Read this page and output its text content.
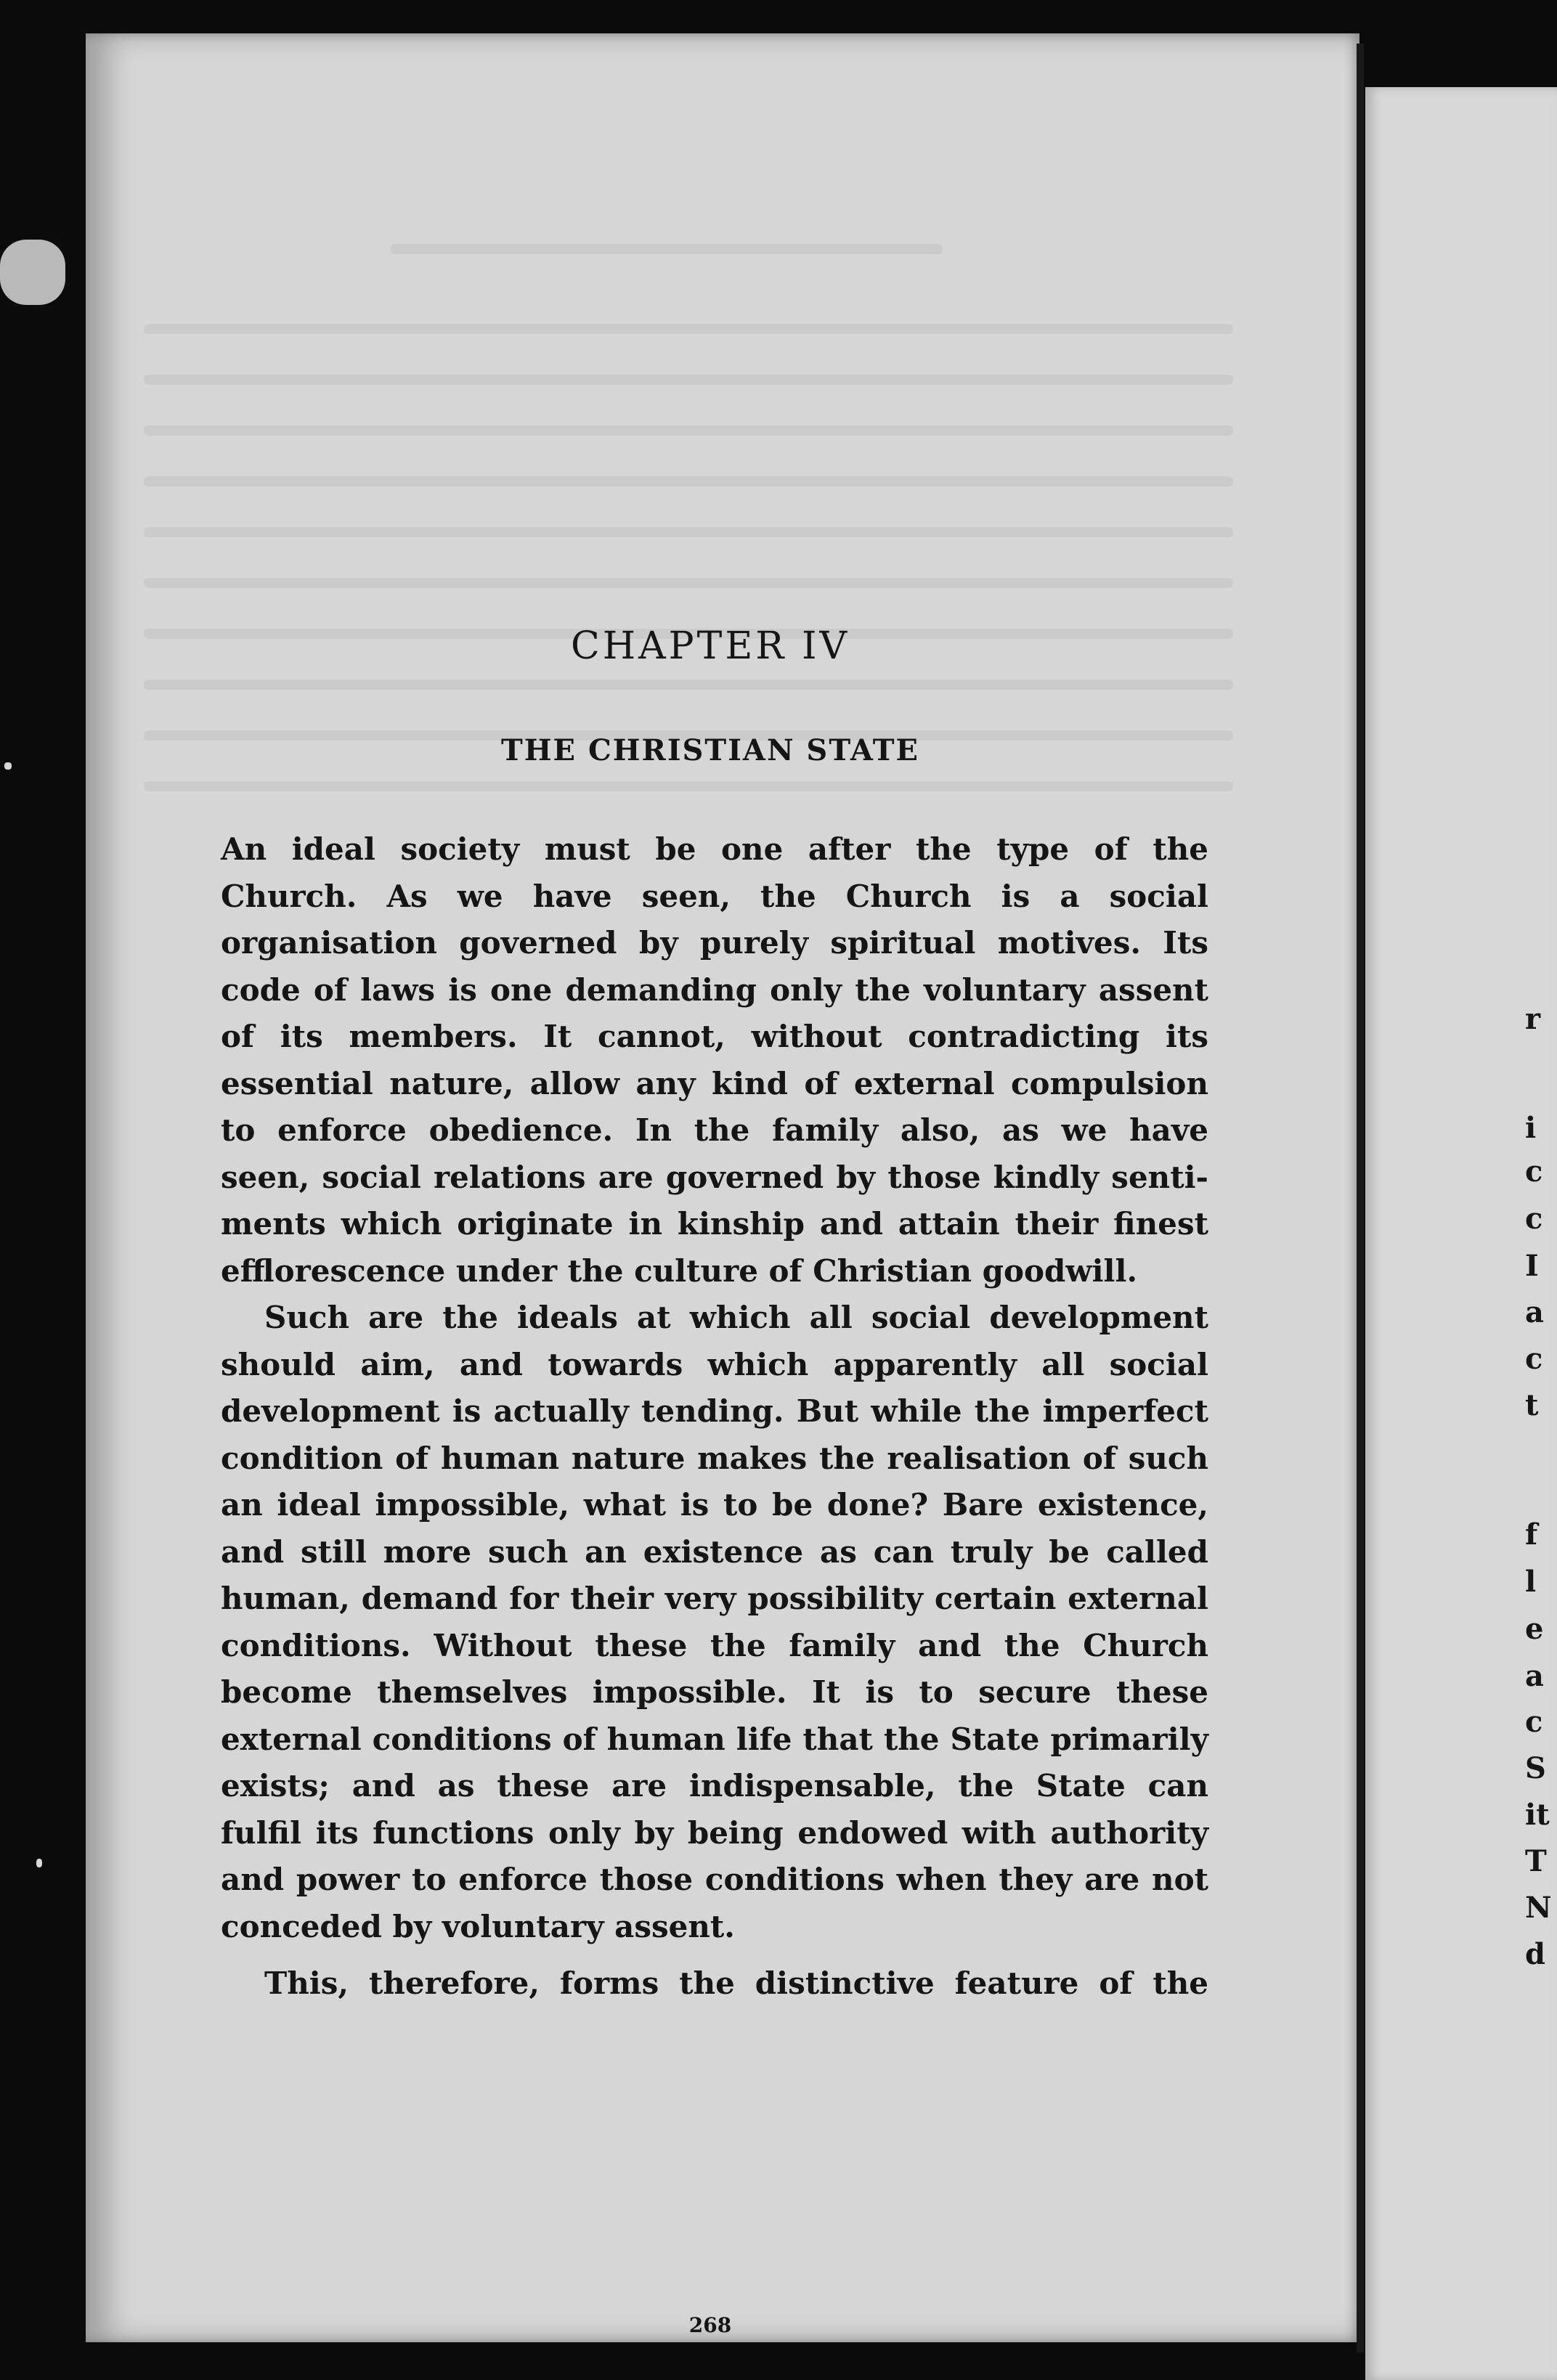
CHAPTER IV
THE CHRISTIAN STATE

An ideal society must be one after the type of the
Church. As we have seen, the Church is a social
organisation governed by purely spiritual motives. Its
code of laws is one demanding only the voluntary assent
of its members. It cannot, without contradicting its
essential nature, allow any kind of external compulsion
to enforce obedience. In the family also, as we have
seen, social relations are governed by those kindly senti-
ments which originate in kinship and attain their finest
efflorescence under the culture of Christian goodwill.

Such are the ideals at which all social development
should aim, and towards which apparently all social
development is actually tending. But while the imperfect
condition of human nature makes the realisation of such
an ideal impossible, what is to be done? Bare existence,
and still more such an existence as can truly be called
human, demand for their very possibility certain external
conditions. Without these the family and the Church
become themselves impossible. It is to secure these
external conditions of human life that the State primarily
exists; and as these are indispensable, the State can
fulfil its functions only by being endowed with authority
and power to enforce those conditions when they are not
conceded by voluntary assent.

This, therefore, forms the distinctive feature of the

268
r
i
c
c
I
a
c
t
f
l
e
a
c
S
it
T
N
d
